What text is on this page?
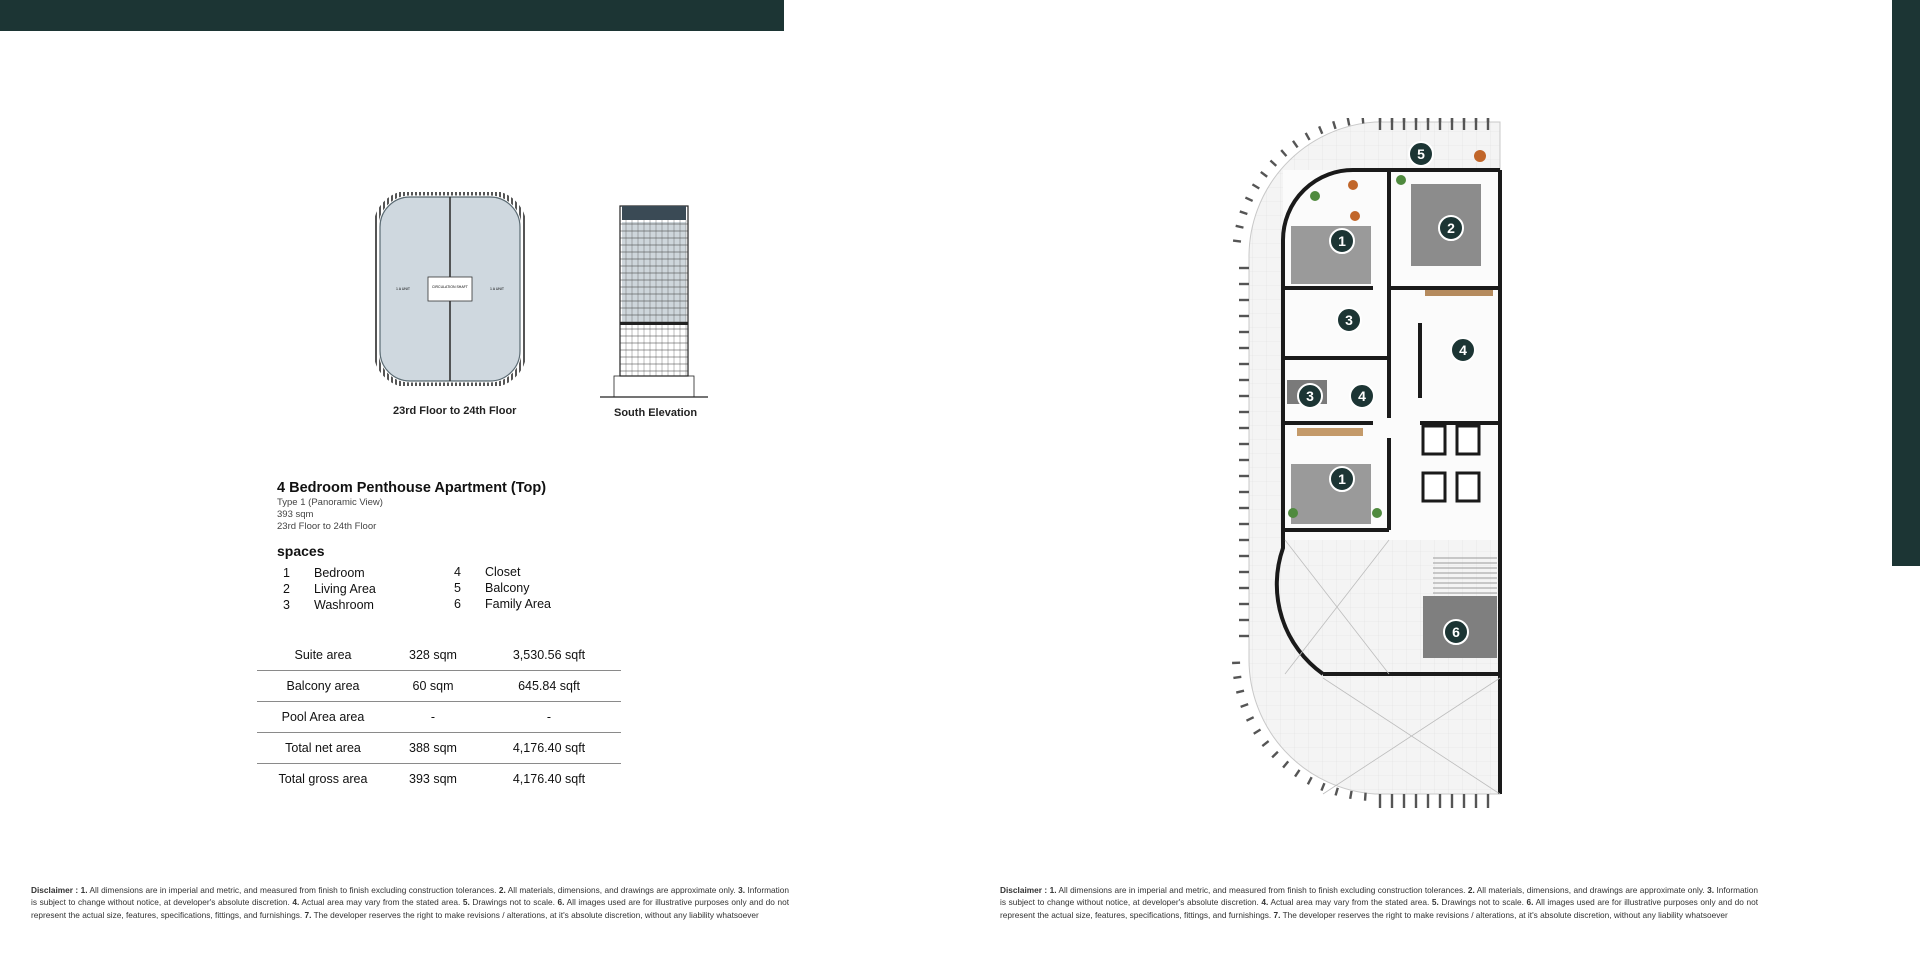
CIRCULATION SHAFT
1 A UNIT	1 A UNIT
23rd Floor to 24th Floor	South Elevation
4 Bedroom Penthouse Apartment (Top)
Type 1 (Panoramic View)
393 sqm
23rd Floor to 24th Floor
spaces
1 Bedroom
2 Living Area
3 Washroom
4 Closet
5 Balcony
6 Family Area
Suite area	328 sqm	3,530.56 sqft
Balcony area	60 sqm	645.84 sqft
Pool Area area	-	-
Total net area	388 sqm	4,176.40 sqft
Total gross area	393 sqm	4,176.40 sqft
Disclaimer : 1. All dimensions are in imperial and metric, and measured from finish to finish excluding construction tolerances. 2. All materials, dimensions, and drawings are approximate only. 3. Information is subject to change without notice, at developer's absolute discretion. 4. Actual area may vary from the stated area. 5. Drawings not to scale. 6. All images used are for illustrative purposes only and do not represent the actual size, features, specifications, fittings, and furnishings. 7. The developer reserves the right to make revisions / alterations, at it's absolute discretion, without any liability whatsoever
Disclaimer : 1. All dimensions are in imperial and metric, and measured from finish to finish excluding construction tolerances. 2. All materials, dimensions, and drawings are approximate only. 3. Information is subject to change without notice, at developer's absolute discretion. 4. Actual area may vary from the stated area. 5. Drawings not to scale. 6. All images used are for illustrative purposes only and do not represent the actual size, features, specifications, fittings, and furnishings. 7. The developer reserves the right to make revisions / alterations, at it's absolute discretion, without any liability whatsoever
1
2
3
4
3	4
1
5
6
